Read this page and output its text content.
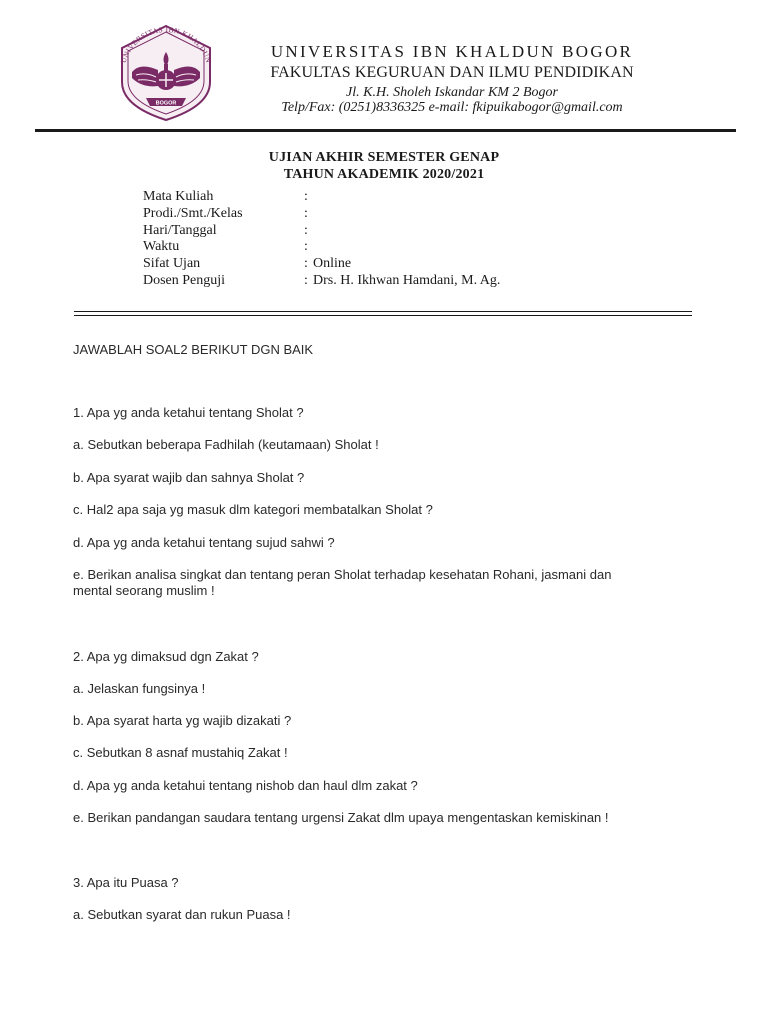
UNIVERSITAS IBN KHALDUN
BOGOR
UNIVERSITAS IBN KHALDUN BOGOR
FAKULTAS KEGURUAN DAN ILMU PENDIDIKAN
Jl. K.H. Sholeh Iskandar KM 2 Bogor
Telp/Fax: (0251)8336325 e-mail: fkipuikabogor@gmail.com
UJIAN AKHIR SEMESTER GENAP
TAHUN AKADEMIK 2020/2021
Mata Kuliah	:
Prodi./Smt./Kelas	:
Hari/Tanggal	:
Waktu	:
Sifat Ujan	: Online
Dosen Penguji	: Drs. H. Ikhwan Hamdani, M. Ag.
JAWABLAH SOAL2 BERIKUT DGN BAIK
1. Apa yg anda ketahui tentang Sholat ?
a. Sebutkan beberapa Fadhilah (keutamaan) Sholat !
b. Apa syarat wajib dan sahnya Sholat ?
c. Hal2 apa saja yg masuk dlm kategori membatalkan Sholat ?
d. Apa yg anda ketahui tentang sujud sahwi ?
e. Berikan analisa singkat dan tentang peran Sholat terhadap kesehatan Rohani, jasmani dan
mental seorang muslim !
2. Apa yg dimaksud dgn Zakat ?
a. Jelaskan fungsinya !
b. Apa syarat harta yg wajib dizakati ?
c. Sebutkan 8 asnaf mustahiq Zakat !
d. Apa yg anda ketahui tentang nishob dan haul dlm zakat ?
e. Berikan pandangan saudara tentang urgensi Zakat dlm upaya mengentaskan kemiskinan !
3. Apa itu Puasa ?
a. Sebutkan syarat dan rukun Puasa !
